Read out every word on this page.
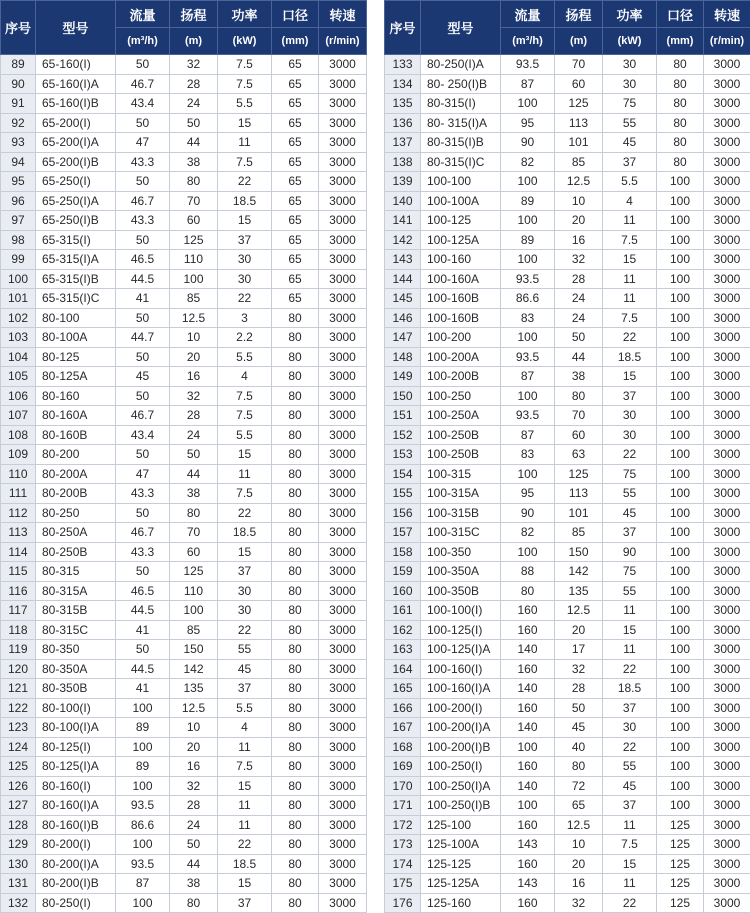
序号	型号	流量	扬程	功率	口径	转速
		(m³/h)	(m)	(kW)	(mm)	(r/min)
89	65-160(I)	50	32	7.5	65	3000
90	65-160(I)A	46.7	28	7.5	65	3000
91	65-160(I)B	43.4	24	5.5	65	3000
92	65-200(I)	50	50	15	65	3000
93	65-200(I)A	47	44	11	65	3000
94	65-200(I)B	43.3	38	7.5	65	3000
95	65-250(I)	50	80	22	65	3000
96	65-250(I)A	46.7	70	18.5	65	3000
97	65-250(I)B	43.3	60	15	65	3000
98	65-315(I)	50	125	37	65	3000
99	65-315(I)A	46.5	110	30	65	3000
100	65-315(I)B	44.5	100	30	65	3000
101	65-315(I)C	41	85	22	65	3000
102	80-100	50	12.5	3	80	3000
103	80-100A	44.7	10	2.2	80	3000
104	80-125	50	20	5.5	80	3000
105	80-125A	45	16	4	80	3000
106	80-160	50	32	7.5	80	3000
107	80-160A	46.7	28	7.5	80	3000
108	80-160B	43.4	24	5.5	80	3000
109	80-200	50	50	15	80	3000
110	80-200A	47	44	11	80	3000
111	80-200B	43.3	38	7.5	80	3000
112	80-250	50	80	22	80	3000
113	80-250A	46.7	70	18.5	80	3000
114	80-250B	43.3	60	15	80	3000
115	80-315	50	125	37	80	3000
116	80-315A	46.5	110	30	80	3000
117	80-315B	44.5	100	30	80	3000
118	80-315C	41	85	22	80	3000
119	80-350	50	150	55	80	3000
120	80-350A	44.5	142	45	80	3000
121	80-350B	41	135	37	80	3000
122	80-100(I)	100	12.5	5.5	80	3000
123	80-100(I)A	89	10	4	80	3000
124	80-125(I)	100	20	11	80	3000
125	80-125(I)A	89	16	7.5	80	3000
126	80-160(I)	100	32	15	80	3000
127	80-160(I)A	93.5	28	11	80	3000
128	80-160(I)B	86.6	24	11	80	3000
129	80-200(I)	100	50	22	80	3000
130	80-200(I)A	93.5	44	18.5	80	3000
131	80-200(I)B	87	38	15	80	3000
132	80-250(I)	100	80	37	80	3000
序号	型号	流量	扬程	功率	口径	转速
		(m³/h)	(m)	(kW)	(mm)	(r/min)
133	80-250(I)A	93.5	70	30	80	3000
134	80- 250(I)B	87	60	30	80	3000
135	80-315(I)	100	125	75	80	3000
136	80- 315(I)A	95	113	55	80	3000
137	80-315(I)B	90	101	45	80	3000
138	80-315(I)C	82	85	37	80	3000
139	100-100	100	12.5	5.5	100	3000
140	100-100A	89	10	4	100	3000
141	100-125	100	20	11	100	3000
142	100-125A	89	16	7.5	100	3000
143	100-160	100	32	15	100	3000
144	100-160A	93.5	28	11	100	3000
145	100-160B	86.6	24	11	100	3000
146	100-160B	83	24	7.5	100	3000
147	100-200	100	50	22	100	3000
148	100-200A	93.5	44	18.5	100	3000
149	100-200B	87	38	15	100	3000
150	100-250	100	80	37	100	3000
151	100-250A	93.5	70	30	100	3000
152	100-250B	87	60	30	100	3000
153	100-250B	83	63	22	100	3000
154	100-315	100	125	75	100	3000
155	100-315A	95	113	55	100	3000
156	100-315B	90	101	45	100	3000
157	100-315C	82	85	37	100	3000
158	100-350	100	150	90	100	3000
159	100-350A	88	142	75	100	3000
160	100-350B	80	135	55	100	3000
161	100-100(I)	160	12.5	11	100	3000
162	100-125(I)	160	20	15	100	3000
163	100-125(I)A	140	17	11	100	3000
164	100-160(I)	160	32	22	100	3000
165	100-160(I)A	140	28	18.5	100	3000
166	100-200(I)	160	50	37	100	3000
167	100-200(I)A	140	45	30	100	3000
168	100-200(I)B	100	40	22	100	3000
169	100-250(I)	160	80	55	100	3000
170	100-250(I)A	140	72	45	100	3000
171	100-250(I)B	100	65	37	100	3000
172	125-100	160	12.5	11	125	3000
173	125-100A	143	10	7.5	125	3000
174	125-125	160	20	15	125	3000
175	125-125A	143	16	11	125	3000
176	125-160	160	32	22	125	3000
